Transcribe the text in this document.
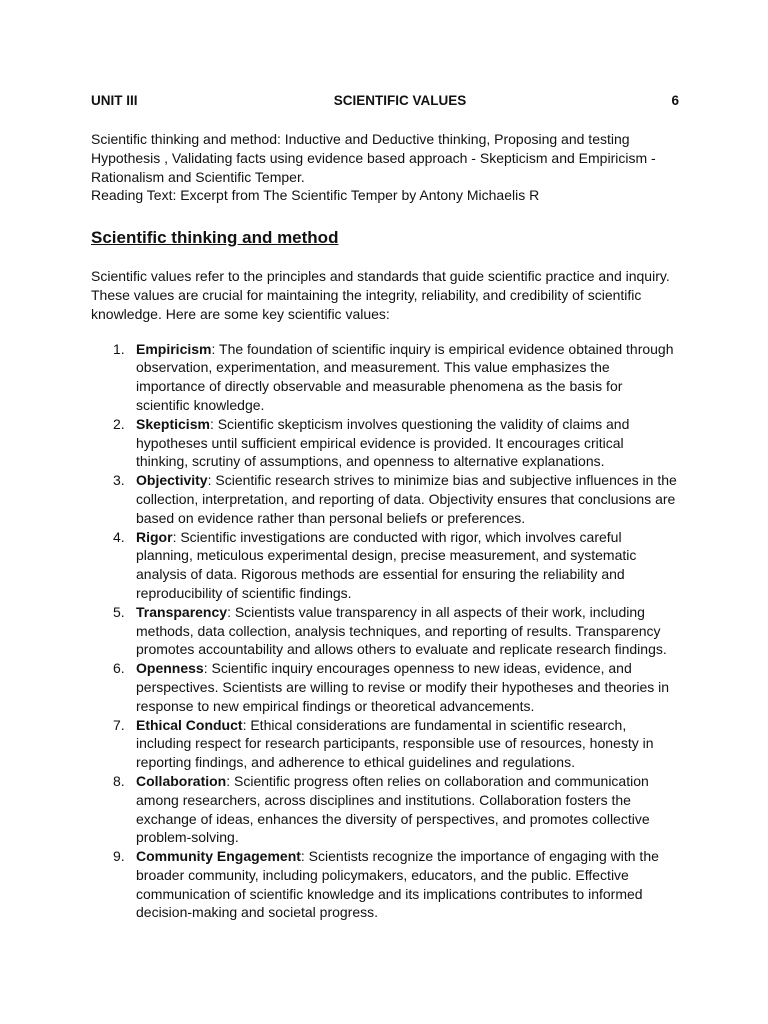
UNIT III	SCIENTIFIC VALUES	6

Scientific thinking and method: Inductive and Deductive thinking, Proposing and testing Hypothesis , Validating facts using evidence based approach - Skepticism and Empiricism - Rationalism and Scientific Temper.

Reading Text: Excerpt from The Scientific Temper by Antony Michaelis R

Scientific thinking and method

Scientific values refer to the principles and standards that guide scientific practice and inquiry. These values are crucial for maintaining the integrity, reliability, and credibility of scientific knowledge. Here are some key scientific values:

1. Empiricism: The foundation of scientific inquiry is empirical evidence obtained through observation, experimentation, and measurement. This value emphasizes the importance of directly observable and measurable phenomena as the basis for scientific knowledge.
2. Skepticism: Scientific skepticism involves questioning the validity of claims and hypotheses until sufficient empirical evidence is provided. It encourages critical thinking, scrutiny of assumptions, and openness to alternative explanations.
3. Objectivity: Scientific research strives to minimize bias and subjective influences in the collection, interpretation, and reporting of data. Objectivity ensures that conclusions are based on evidence rather than personal beliefs or preferences.
4. Rigor: Scientific investigations are conducted with rigor, which involves careful planning, meticulous experimental design, precise measurement, and systematic analysis of data. Rigorous methods are essential for ensuring the reliability and reproducibility of scientific findings.
5. Transparency: Scientists value transparency in all aspects of their work, including methods, data collection, analysis techniques, and reporting of results. Transparency promotes accountability and allows others to evaluate and replicate research findings.
6. Openness: Scientific inquiry encourages openness to new ideas, evidence, and perspectives. Scientists are willing to revise or modify their hypotheses and theories in response to new empirical findings or theoretical advancements.
7. Ethical Conduct: Ethical considerations are fundamental in scientific research, including respect for research participants, responsible use of resources, honesty in reporting findings, and adherence to ethical guidelines and regulations.
8. Collaboration: Scientific progress often relies on collaboration and communication among researchers, across disciplines and institutions. Collaboration fosters the exchange of ideas, enhances the diversity of perspectives, and promotes collective problem-solving.
9. Community Engagement: Scientists recognize the importance of engaging with the broader community, including policymakers, educators, and the public. Effective communication of scientific knowledge and its implications contributes to informed decision-making and societal progress.
